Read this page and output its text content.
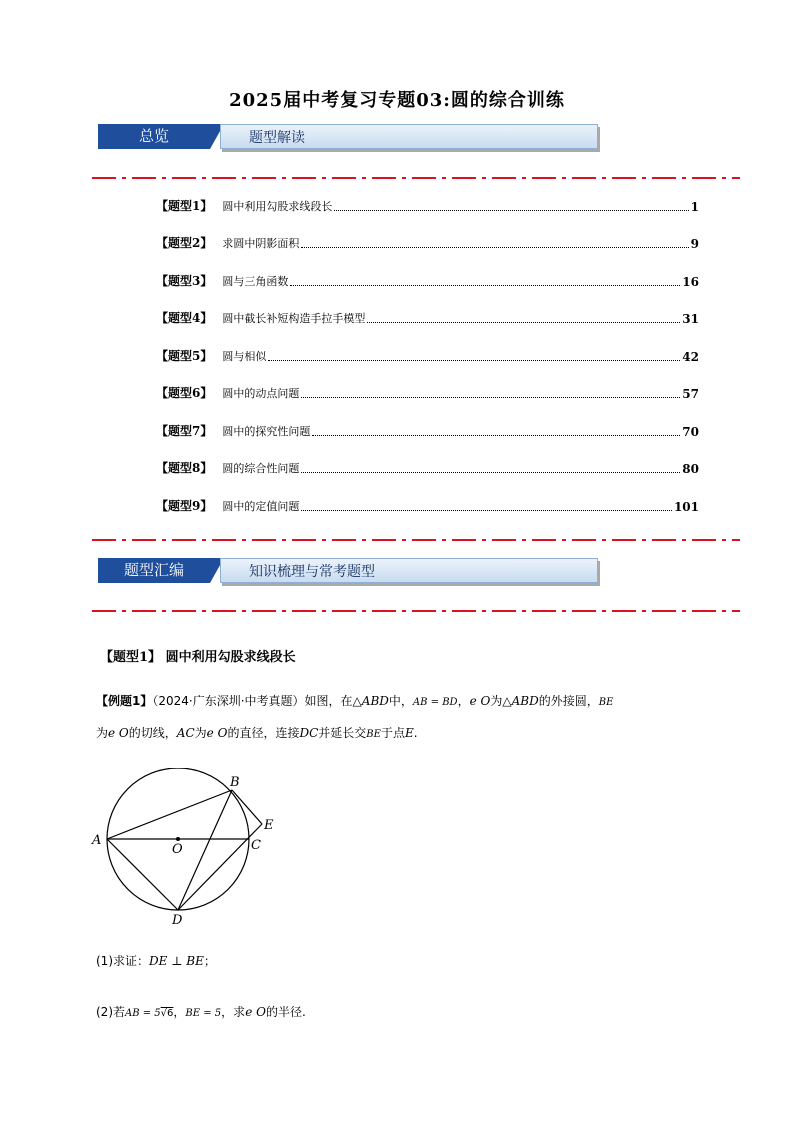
2025届中考复习专题03:圆的综合训练
总览	题型解读
【题型1】 圆中利用勾股求线段长	1
【题型2】 求圆中阴影面积	9
【题型3】 圆与三角函数	16
【题型4】 圆中截长补短构造手拉手模型	31
【题型5】 圆与相似	42
【题型6】 圆中的动点问题	57
【题型7】 圆中的探究性问题	70
【题型8】 圆的综合性问题	80
【题型9】 圆中的定值问题	101
题型汇编	知识梳理与常考题型
【题型1】 圆中利用勾股求线段长
【例题1】（2024·广东深圳·中考真题）如图，在△ABD中，AB = BD，e O为△ABD的外接圆，BE
为e O的切线，AC为e O的直径，连接DC并延长交BE于点E.
A
B
C
D
E
O
(1)求证：DE ⊥ BE；
(2)若AB = 5√6，BE = 5，求e O的半径.
